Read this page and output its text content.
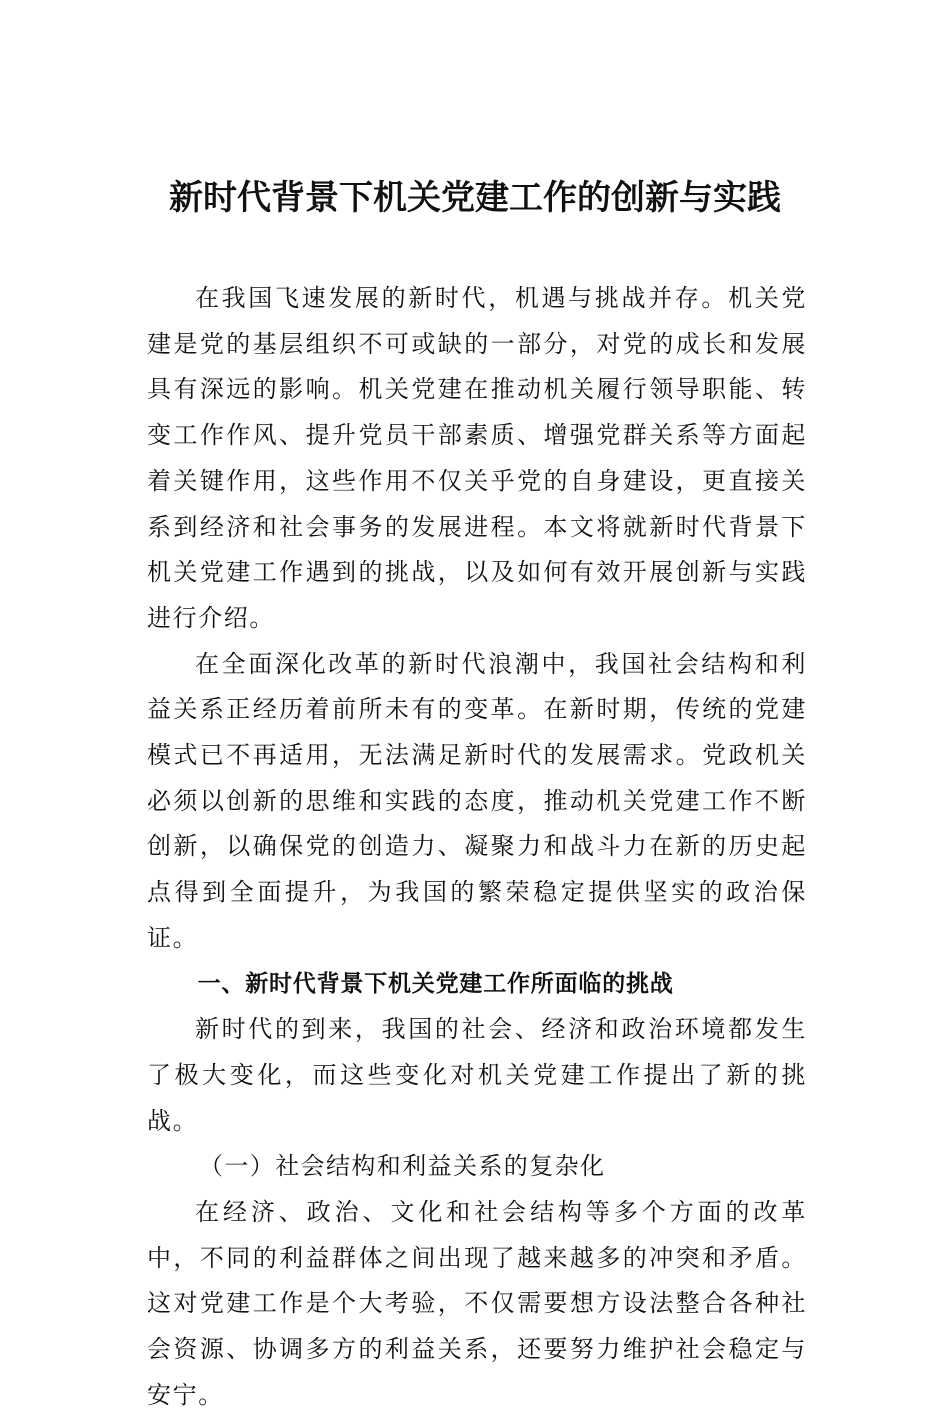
新时代背景下机关党建工作的创新与实践

在我国飞速发展的新时代，机遇与挑战并存。机关党建是党的基层组织不可或缺的一部分，对党的成长和发展具有深远的影响。机关党建在推动机关履行领导职能、转变工作作风、提升党员干部素质、增强党群关系等方面起着关键作用，这些作用不仅关乎党的自身建设，更直接关系到经济和社会事务的发展进程。本文将就新时代背景下机关党建工作遇到的挑战，以及如何有效开展创新与实践进行介绍。

在全面深化改革的新时代浪潮中，我国社会结构和利益关系正经历着前所未有的变革。在新时期，传统的党建模式已不再适用，无法满足新时代的发展需求。党政机关必须以创新的思维和实践的态度，推动机关党建工作不断创新，以确保党的创造力、凝聚力和战斗力在新的历史起点得到全面提升，为我国的繁荣稳定提供坚实的政治保证。

一、新时代背景下机关党建工作所面临的挑战

新时代的到来，我国的社会、经济和政治环境都发生了极大变化，而这些变化对机关党建工作提出了新的挑战。

（一）社会结构和利益关系的复杂化

在经济、政治、文化和社会结构等多个方面的改革中，不同的利益群体之间出现了越来越多的冲突和矛盾。这对党建工作是个大考验，不仅需要想方设法整合各种社会资源、协调多方的利益关系，还要努力维护社会稳定与安宁。
